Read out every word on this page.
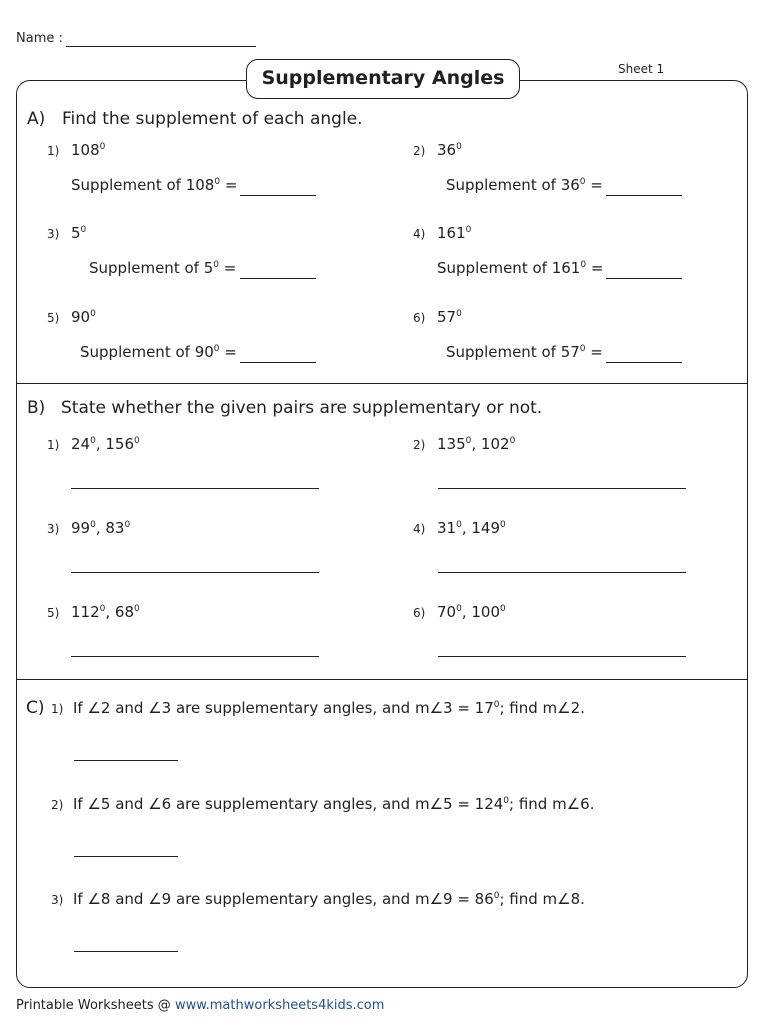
Name :
Sheet 1
Supplementary Angles
A) Find the supplement of each angle.
1) $108^0$
Supplement of $108^0$ =
2) $36^0$
Supplement of $36^0$ =
3) $5^0$
Supplement of $5^0$ =
4) $161^0$
Supplement of $161^0$ =
5) $90^0$
Supplement of $90^0$ =
6) $57^0$
Supplement of $57^0$ =
B) State whether the given pairs are supplementary or not.
1) $24^0$, $156^0$	2) $135^0$, $102^0$
3) $99^0$, $83^0$	4) $31^0$, $149^0$
5) $112^0$, $68^0$	6) $70^0$, $100^0$
C) 1) If ∠2 and ∠3 are supplementary angles, and m∠3 = $17^0$; find m∠2.
2) If ∠5 and ∠6 are supplementary angles, and m∠5 = $124^0$; find m∠6.
3) If ∠8 and ∠9 are supplementary angles, and m∠9 = $86^0$; find m∠8.
Printable Worksheets @ www.mathworksheets4kids.com
